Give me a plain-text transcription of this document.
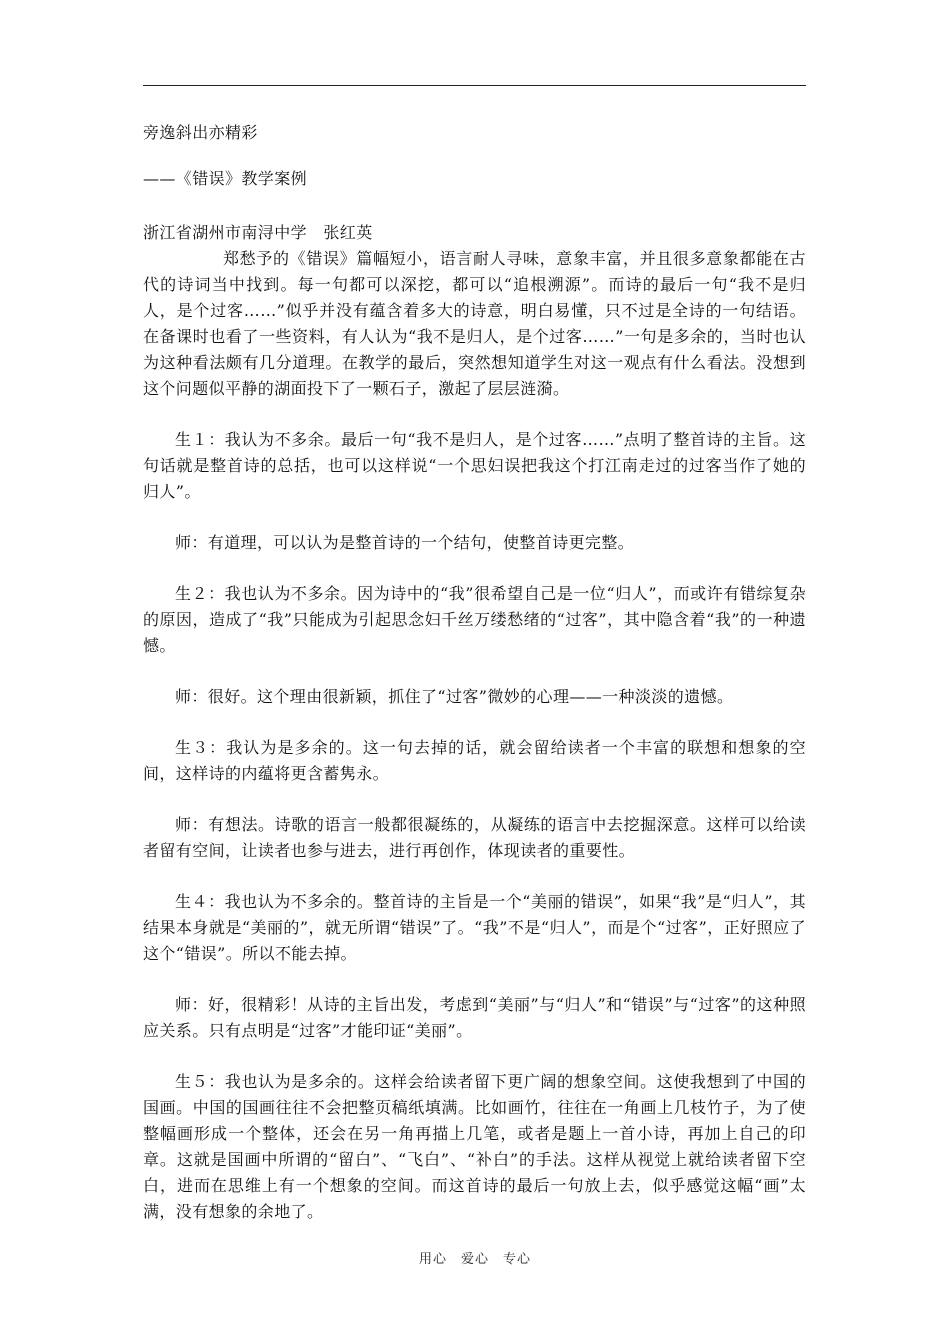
旁逸斜出亦精彩

——《错误》教学案例

浙江省湖州市南浔中学　张红英

郑愁予的《错误》篇幅短小，语言耐人寻味，意象丰富，并且很多意象都能在古代的诗词当中找到。每一句都可以深挖，都可以“追根溯源”。而诗的最后一句“我不是归人，是个过客……”似乎并没有蕴含着多大的诗意，明白易懂，只不过是全诗的一句结语。在备课时也看了一些资料，有人认为“我不是归人，是个过客……”一句是多余的，当时也认为这种看法颇有几分道理。在教学的最后，突然想知道学生对这一观点有什么看法。没想到这个问题似平静的湖面投下了一颗石子，激起了层层涟漪。

生１：我认为不多余。最后一句“我不是归人，是个过客……”点明了整首诗的主旨。这句话就是整首诗的总括，也可以这样说“一个思妇误把我这个打江南走过的过客当作了她的归人”。

师：有道理，可以认为是整首诗的一个结句，使整首诗更完整。

生２：我也认为不多余。因为诗中的“我”很希望自己是一位“归人”，而或许有错综复杂的原因，造成了“我”只能成为引起思念妇千丝万缕愁绪的“过客”，其中隐含着“我”的一种遗憾。

师：很好。这个理由很新颖，抓住了“过客”微妙的心理——一种淡淡的遗憾。

生３：我认为是多余的。这一句去掉的话，就会留给读者一个丰富的联想和想象的空间，这样诗的内蕴将更含蓄隽永。

师：有想法。诗歌的语言一般都很凝练的，从凝练的语言中去挖掘深意。这样可以给读者留有空间，让读者也参与进去，进行再创作，体现读者的重要性。

生４：我也认为不多余的。整首诗的主旨是一个“美丽的错误”，如果“我”是“归人”，其结果本身就是“美丽的”，就无所谓“错误”了。“我”不是“归人”，而是个“过客”，正好照应了这个“错误”。所以不能去掉。

师：好，很精彩！从诗的主旨出发，考虑到“美丽”与“归人”和“错误”与“过客”的这种照应关系。只有点明是“过客”才能印证“美丽”。

生５：我也认为是多余的。这样会给读者留下更广阔的想象空间。这使我想到了中国的国画。中国的国画往往不会把整页稿纸填满。比如画竹，往往在一角画上几枝竹子，为了使整幅画形成一个整体，还会在另一角再描上几笔，或者是题上一首小诗，再加上自己的印章。这就是国画中所谓的“留白”、“飞白”、“补白”的手法。这样从视觉上就给读者留下空白，进而在思维上有一个想象的空间。而这首诗的最后一句放上去，似乎感觉这幅“画”太满，没有想象的余地了。

用心　爱心　专心
